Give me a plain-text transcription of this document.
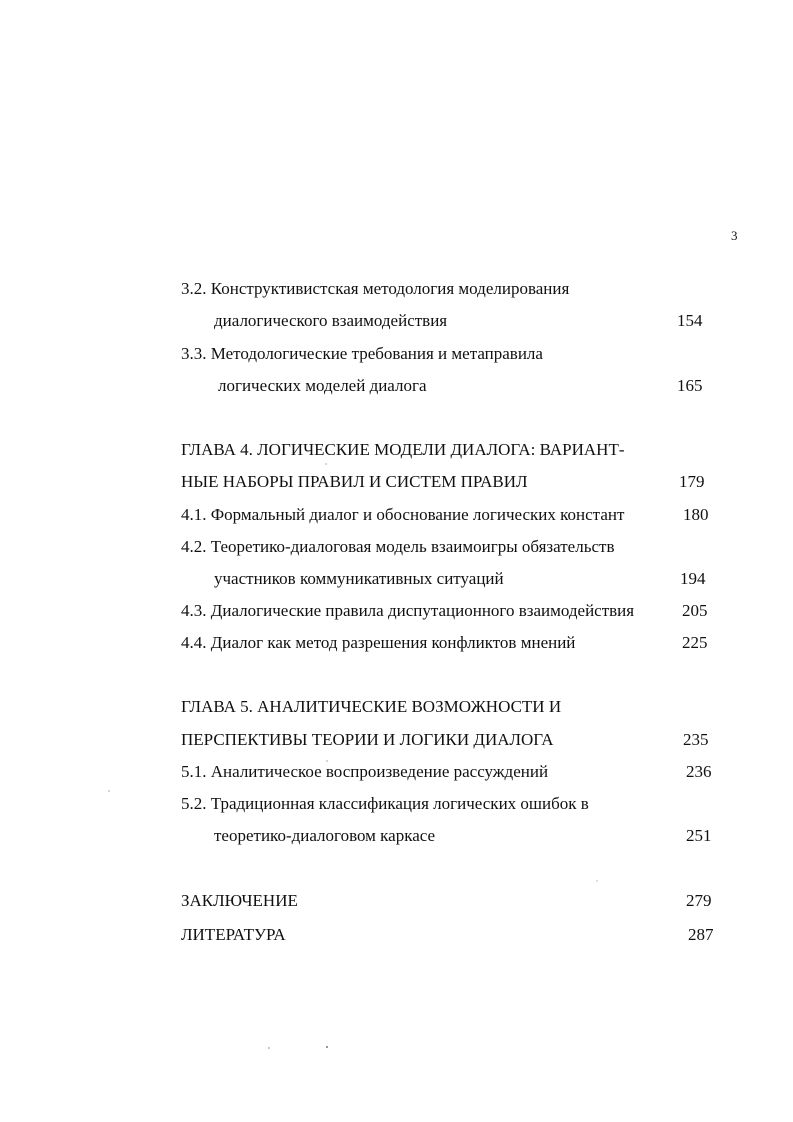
3
3.2. Конструктивистская методология моделирования
диалогического взаимодействия	154
3.3. Методологические требования и метаправила
логических моделей диалога	165
ГЛАВА 4. ЛОГИЧЕСКИЕ МОДЕЛИ ДИАЛОГА: ВАРИАНТ-
НЫЕ НАБОРЫ ПРАВИЛ И СИСТЕМ ПРАВИЛ	179
4.1. Формальный диалог и обоснование логических констант	180
4.2. Теоретико-диалоговая модель взаимоигры обязательств
участников коммуникативных ситуаций	194
4.3. Диалогические правила диспутационного взаимодействия	205
4.4. Диалог как метод разрешения конфликтов мнений	225
ГЛАВА 5. АНАЛИТИЧЕСКИЕ ВОЗМОЖНОСТИ И
ПЕРСПЕКТИВЫ ТЕОРИИ И ЛОГИКИ ДИАЛОГА	235
5.1. Аналитическое воспроизведение рассуждений	236
5.2. Традиционная классификация логических ошибок в
теоретико-диалоговом каркасе	251
ЗАКЛЮЧЕНИЕ	279
ЛИТЕРАТУРА	287
